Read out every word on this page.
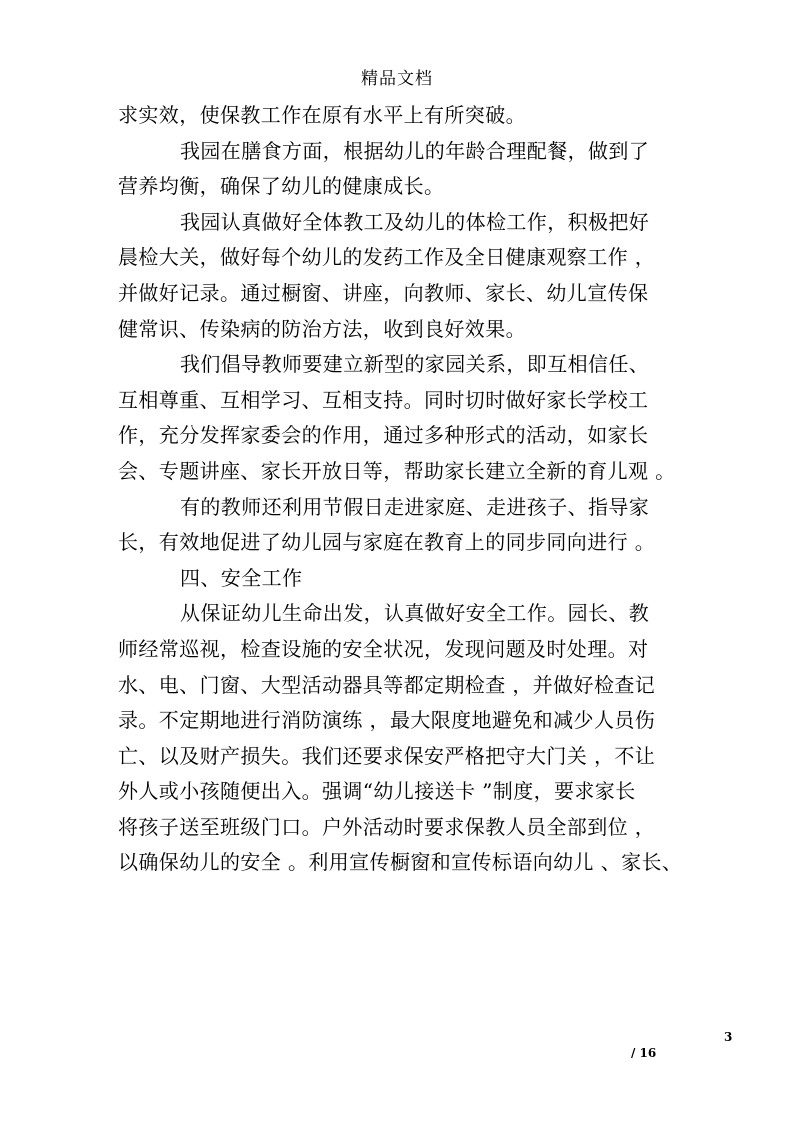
精品文档
求实效，使保教工作在原有水平上有所突破。
我园在膳食方面，根据幼儿的年龄合理配餐，做到了
营养均衡，确保了幼儿的健康成长。
我园认真做好全体教工及幼儿的体检工作，积极把好
晨检大关，做好每个幼儿的发药工作及全日健康观察工作 ，
并做好记录。通过橱窗、讲座，向教师、家长、幼儿宣传保
健常识、传染病的防治方法，收到良好效果。
我们倡导教师要建立新型的家园关系，即互相信任、
互相尊重、互相学习、互相支持。同时切时做好家长学校工
作，充分发挥家委会的作用，通过多种形式的活动，如家长
会、专题讲座、家长开放日等，帮助家长建立全新的育儿观 。
有的教师还利用节假日走进家庭、走进孩子、指导家
长，有效地促进了幼儿园与家庭在教育上的同步同向进行 。
四、安全工作
从保证幼儿生命出发，认真做好安全工作。园长、教
师经常巡视，检查设施的安全状况，发现问题及时处理。对
水、电、门窗、大型活动器具等都定期检查 ，并做好检查记
录。不定期地进行消防演练 ，最大限度地避免和减少人员伤
亡、以及财产损失。我们还要求保安严格把守大门关 ，不让
外人或小孩随便出入。强调“幼儿接送卡 ”制度，要求家长
将孩子送至班级门口。户外活动时要求保教人员全部到位 ，
以确保幼儿的安全 。利用宣传橱窗和宣传标语向幼儿 、家长、
3
/ 16
